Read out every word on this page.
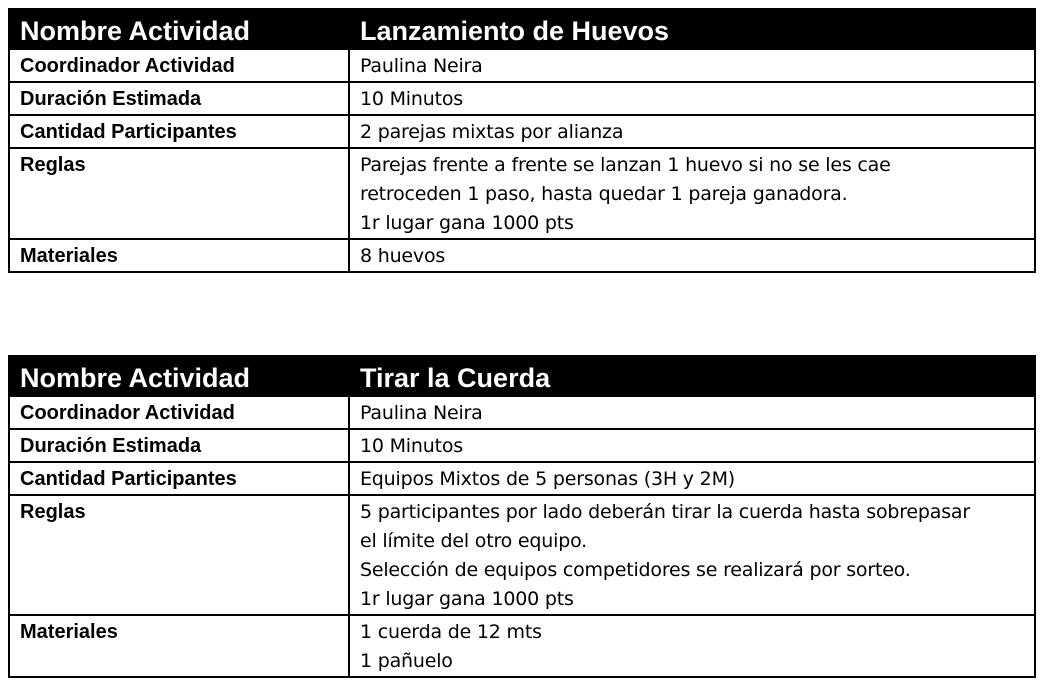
Nombre Actividad	Lanzamiento de Huevos
Coordinador Actividad	Paulina Neira

Duración Estimada	10 Minutos

Cantidad Participantes	2 parejas mixtas por alianza

Reglas	Parejas frente a frente se lanzan 1 huevo si no se les cae
retroceden 1 paso, hasta quedar 1 pareja ganadora.
1r lugar gana 1000 pts

Materiales	8 huevos
Nombre Actividad	Tirar la Cuerda
Coordinador Actividad	Paulina Neira

Duración Estimada	10 Minutos

Cantidad Participantes	Equipos Mixtos de 5 personas (3H y 2M)

Reglas	5 participantes por lado deberán tirar la cuerda hasta sobrepasar
el límite del otro equipo.
Selección de equipos competidores se realizará por sorteo.
1r lugar gana 1000 pts

Materiales	1 cuerda de 12 mts
1 pañuelo
